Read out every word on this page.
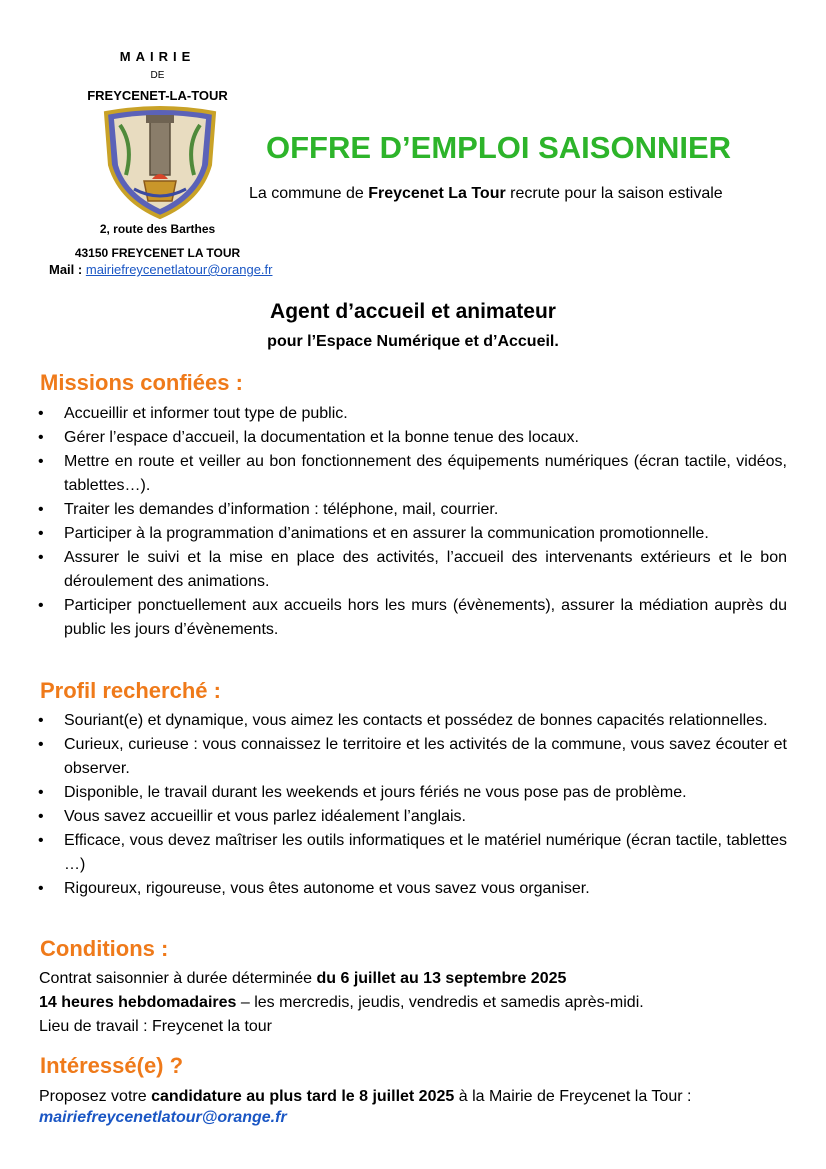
MAIRIE
DE
FREYCENET-LA-TOUR
2, route des Barthes
43150 FREYCENET LA TOUR
Mail : mairiefreycenetlatour@orange.fr
OFFRE D’EMPLOI SAISONNIER
La commune de Freycenet La Tour recrute pour la saison estivale
Agent d’accueil et animateur
pour l’Espace Numérique et d’Accueil.
Missions confiées :
• Accueillir et informer tout type de public.
• Gérer l’espace d’accueil, la documentation et la bonne tenue des locaux.
• Mettre en route et veiller au bon fonctionnement des équipements numériques (écran tactile, vidéos, tablettes…).
• Traiter les demandes d’information : téléphone, mail, courrier.
• Participer à la programmation d’animations et en assurer la communication promotionnelle.
• Assurer le suivi et la mise en place des activités, l’accueil des intervenants extérieurs et le bon déroulement des animations.
• Participer ponctuellement aux accueils hors les murs (évènements), assurer la médiation auprès du public les jours d’évènements.
Profil recherché :
• Souriant(e) et dynamique, vous aimez les contacts et possédez de bonnes capacités relationnelles.
• Curieux, curieuse : vous connaissez le territoire et les activités de la commune, vous savez écouter et observer.
• Disponible, le travail durant les weekends et jours fériés ne vous pose pas de problème.
• Vous savez accueillir et vous parlez idéalement l’anglais.
• Efficace, vous devez maîtriser les outils informatiques et le matériel numérique (écran tactile, tablettes …)
• Rigoureux, rigoureuse, vous êtes autonome et vous savez vous organiser.
Conditions :
Contrat saisonnier à durée déterminée du 6 juillet au 13 septembre 2025
14 heures hebdomadaires – les mercredis, jeudis, vendredis et samedis après-midi.
Lieu de travail : Freycenet la tour
Intéressé(e) ?
Proposez votre candidature au plus tard le 8 juillet 2025 à la Mairie de Freycenet la Tour :
mairiefreycenetlatour@orange.fr
